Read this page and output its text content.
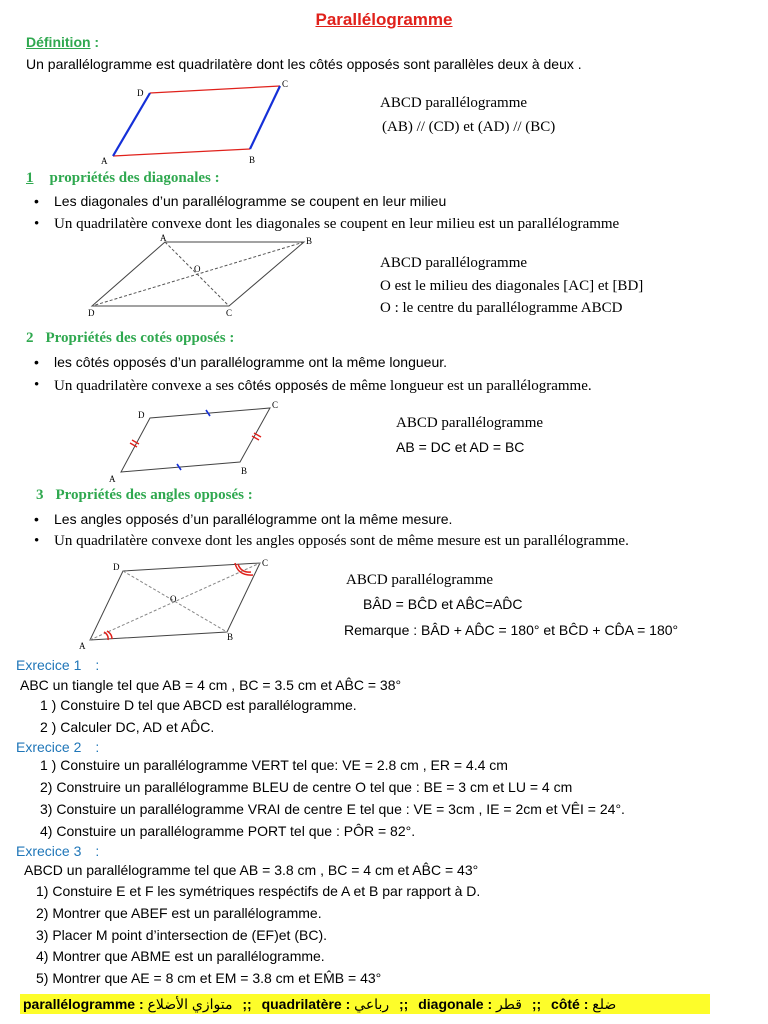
Parallélogramme
Définition :
Un parallélogramme est quadrilatère dont les côtés opposés sont parallèles deux à deux .
A	B
C
D
ABCD parallélogramme
(AB) // (CD) et (AD) // (BC)
1 propriétés des diagonales :
• Les diagonales d’un parallélogramme se coupent en leur milieu
• Un quadrilatère convexe dont les diagonales se coupent en leur milieu est un parallélogramme
A	B
C
D
O	ABCD parallélogramme
O est le milieu des diagonales [AC] et [BD]
O : le centre du parallélogramme ABCD
2 Propriétés des cotés opposés :
• les côtés opposés d’un parallélogramme ont la même longueur.
• Un quadrilatère convexe a ses côtés opposés de même longueur est un parallélogramme.
A
B
C
D	ABCD parallélogramme
AB = DC et AD = BC
3 Propriétés des angles opposés :
• Les angles opposés d’un parallélogramme ont la même mesure.
• Un quadrilatère convexe dont les angles opposés sont de même mesure est un parallélogramme.
A
B
C
D
O
ABCD parallélogramme
BÂD = BĈD et AB̂C=AD̂C
Remarque : BÂD + AD̂C = 180° et BĈD + CD̂A = 180°
Exrecice 1 :
ABC un tiangle tel que AB = 4 cm , BC = 3.5 cm et AB̂C = 38°
1 ) Constuire D tel que ABCD est parallélogramme.
2 ) Calculer DC, AD et AD̂C.
Exrecice 2 :
1 ) Constuire un parallélogramme VERT tel que: VE = 2.8 cm , ER = 4.4 cm
2) Construire un parallélogramme BLEU de centre O tel que : BE = 3 cm et LU = 4 cm
3) Constuire un parallélogramme VRAI de centre E tel que : VE = 3cm , IE = 2cm et VÊI = 24°.
4) Constuire un parallélogramme PORT tel que : PÔR = 82°.
Exrecice 3 :
ABCD un parallélogramme tel que AB = 3.8 cm , BC = 4 cm et AB̂C = 43°
1) Constuire E et F les symétriques respéctifs de A et B par rapport à D.
2) Montrer que ABEF est un parallélogramme.
3) Placer M point d’intersection de (EF)et (BC).
4) Montrer que ABME est un parallélogramme.
5) Montrer que AE = 8 cm et EM = 3.8 cm et EM̂B = 43°
parallélogramme : متوازي الأضلاع ;; quadrilatère : رباعي ;; diagonale : قطر ;; côté : ضلع
